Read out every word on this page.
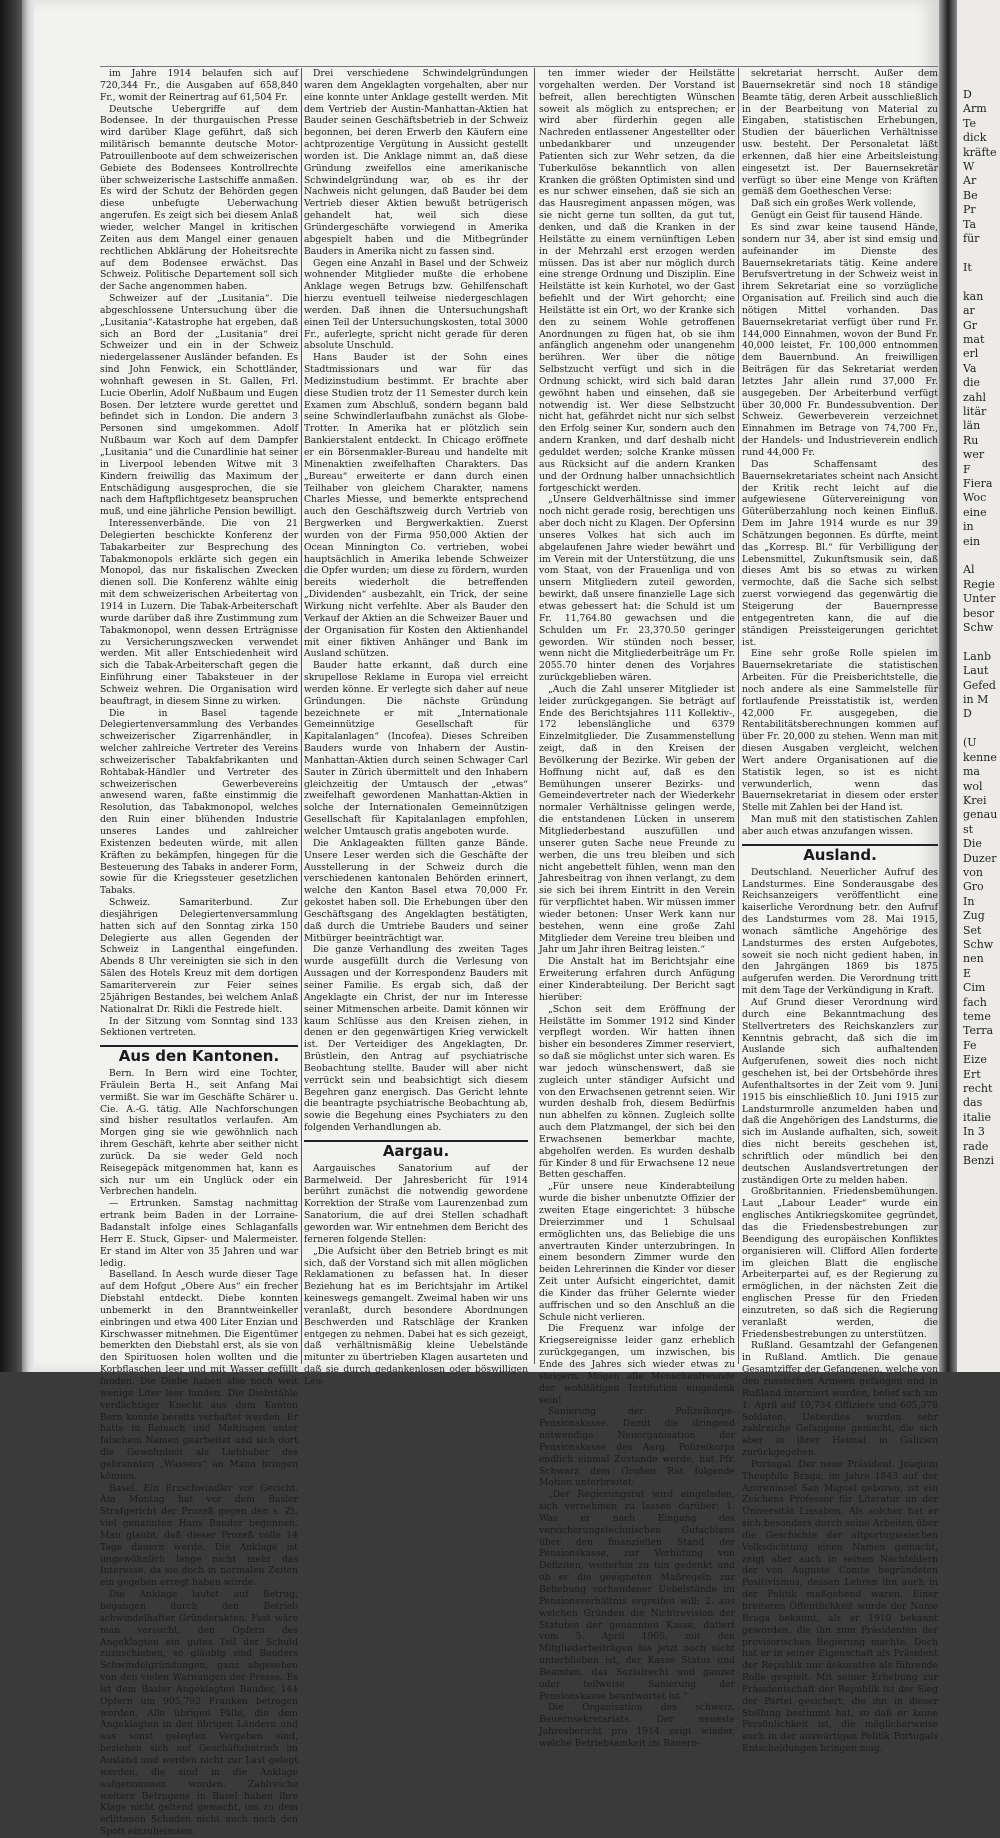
im Jahre 1914 belaufen sich auf 720,344 Fr., die Ausgaben auf 658,840 Fr., womit der Reinertrag auf 61,504 Fr.

Deutsche Uebergriffe auf dem Bodensee. In der thurgauischen Presse wird darüber Klage geführt, daß sich militärisch bemannte deutsche Motor-Patrouillenboote auf dem schweizerischen Gebiete des Bodensees Kontrollrechte über schweizerische Lastschiffe anmaßen. Es wird der Schutz der Behörden gegen diese unbefugte Ueberwachung angerufen. Es zeigt sich bei diesem Anlaß wieder, welcher Mangel in kritischen Zeiten aus dem Mangel einer genauen rechtlichen Abklärung der Hoheitsrechte auf dem Bodensee erwächst. Das Schweiz. Politische Departement soll sich der Sache angenommen haben.

Schweizer auf der „Lusitania“. Die abgeschlossene Untersuchung über die „Lusitania“-Katastrophe hat ergeben, daß sich an Bord der „Lusitania“ drei Schweizer und ein in der Schweiz niedergelassener Ausländer befanden. Es sind John Fenwick, ein Schottländer, wohnhaft gewesen in St. Gallen, Frl. Lucie Oberlin, Adolf Nußbaum und Eugen Bosen. Der letztere wurde gerettet und befindet sich in London. Die andern 3 Personen sind umgekommen. Adolf Nußbaum war Koch auf dem Dampfer „Lusitania“ und die Cunardlinie hat seiner in Liverpool lebenden Witwe mit 3 Kindern freiwillig das Maximum der Entschädigung ausgesprochen, die sie nach dem Haftpflichtgesetz beanspruchen muß, und eine jährliche Pension bewilligt.

Interessenverbände. Die von 21 Delegierten beschickte Konferenz der Tabakarbeiter zur Besprechung des Tabakmonopols erklärte sich gegen ein Monopol, das nur fiskalischen Zwecken dienen soll. Die Konferenz wählte einig mit dem schweizerischen Arbeitertag von 1914 in Luzern. Die Tabak-Arbeiterschaft wurde darüber daß ihre Zustimmung zum Tabakmonopol, wenn dessen Erträgnisse zu Versicherungszwecken verwendet werden. Mit aller Entschiedenheit wird sich die Tabak-Arbeiterschaft gegen die Einführung einer Tabaksteuer in der Schweiz wehren. Die Organisation wird beauftragt, in diesem Sinne zu wirken.

Die in Basel tagende Delegiertenversammlung des Verbandes schweizerischer Zigarrenhändler, in welcher zahlreiche Vertreter des Vereins schweizerischer Tabakfabrikanten und Rohtabak-Händler und Vertreter des schweizerischen Gewerbevereins anwesend waren, faßte einstimmig die Resolution, das Tabakmonopol, welches den Ruin einer blühenden Industrie unseres Landes und zahlreicher Existenzen bedeuten würde, mit allen Kräften zu bekämpfen, hingegen für die Besteuerung des Tabaks in anderer Form, sowie für die Kriegssteuer gesetzlichen Tabaks.

Schweiz. Samariterbund. Zur diesjährigen Delegiertenversammlung hatten sich auf den Sonntag zirka 150 Delegierte aus allen Gegenden der Schweiz in Langenthal eingefunden. Abends 8 Uhr vereinigten sie sich in den Sälen des Hotels Kreuz mit dem dortigen Samariterverein zur Feier seines 25jährigen Bestandes, bei welchem Anlaß Nationalrat Dr. Rikli die Festrede hielt.

In der Sitzung vom Sonntag sind 133 Sektionen vertreten.

Aus den Kantonen.

Bern. In Bern wird eine Tochter, Fräulein Berta H., seit Anfang Mai vermißt. Sie war im Geschäfte Schärer u. Cie. A.-G. tätig. Alle Nachforschungen sind bisher resultatlos verlaufen. Am Morgen ging sie wie gewöhnlich nach ihrem Geschäft, kehrte aber seither nicht zurück. Da sie weder Geld noch Reisegepäck mitgenommen hat, kann es sich nur um ein Unglück oder ein Verbrechen handeln.

— Ertrunken. Samstag nachmittag ertrank beim Baden in der Lorraine-Badanstalt infolge eines Schlaganfalls Herr E. Stuck, Gipser- und Malermeister. Er stand im Alter von 35 Jahren und war ledig.

Baselland. In Aesch wurde dieser Tage auf dem Hofgut „Obere Aus“ ein frecher Diebstahl entdeckt. Diebe konnten unbemerkt in den Branntweinkeller einbringen und etwa 400 Liter Enzian und Kirschwasser mitnehmen. Die Eigentümer bemerkten den Diebstahl erst, als sie von den Spirituosen holen wollten und die Korbflaschen leer und mit Wasser gefüllt fanden. Die Diebe haben also noch weit wenige Liter leer fanden. Die Diebstähle verdächtiger Knecht aus dem Kanton Bern konnte bereits verhaftet werden. Er hatte in Reinach und Meltingen unter falschem Namen gearbeitet und sich dort die Gewohnheit als Liebhaber des gebrannten „Wassers“ an Mann bringen können.

Basel. Ein Erzschwindler vor Gericht. Am Montag hat vor dem Basler Strafgericht der Prozeß gegen den s. Zt. viel genannten Hans Bauder begonnen. Man glaubt, daß dieser Prozeß volle 14 Tage dauern werde. Die Anklage ist ungewöhnlich lange nicht mehr das Interesse, da sie doch in normalen Zeiten ein gegeben erregt haben würde.

Die Anklage lautet auf Betrug, begangen durch den Betrieb schwindelhafter Gründerakten. Fast wäre man versucht, den Opfern des Angeklagten ein gutes Teil der Schuld zuzuschieben, so gläubig sind Bauders Schwindelgründungen, ganz abgesehen von den vielen Warnungen der Presse. Es ist dem Basler Angeklagten Bauder, 144 Opfern um 905,792 Franken betrogen worden. Alle übrigen Fälle, die dem Angeklagten in den übrigen Ländern und aus sonst gelegten Vergehen sind, beziehen sich auf Geschäftsbetrieb im Ausland und werden nicht zur Last gelegt werden, die sind in die Anklage aufgenommen worden. Zahlreiche weitere Betrogene in Basel haben ihre Klage nicht geltend gemacht, um zu dem erlittenen Schaden nicht auch noch den Spott einzuheimsen.

Drei verschiedene Schwindelgründungen waren dem Angeklagten vorgehalten, aber nur eine konnte unter Anklage gestellt werden. Mit dem Vertrieb der Austin-Manhattan-Aktien hat Bauder seinen Geschäftsbetrieb in der Schweiz begonnen, bei deren Erwerb den Käufern eine achtprozentige Vergütung in Aussicht gestellt worden ist. Die Anklage nimmt an, daß diese Gründung zweifellos eine amerikanische Schwindelgründung war, ob es ihr der Nachweis nicht gelungen, daß Bauder bei dem Vertrieb dieser Aktien bewußt betrügerisch gehandelt hat, weil sich diese Gründergeschäfte vorwiegend in Amerika abgespielt haben und die Mitbegründer Bauders in Amerika nicht zu fassen sind.

Gegen eine Anzahl in Basel und der Schweiz wohnender Mitglieder mußte die erhobene Anklage wegen Betrugs bzw. Gehilfenschaft hierzu eventuell teilweise niedergeschlagen werden. Daß ihnen die Untersuchungshaft einen Teil der Untersuchungskosten, total 3000 Fr., auferlegte, spricht nicht gerade für deren absolute Unschuld.

Hans Bauder ist der Sohn eines Stadtmissionars und war für das Medizinstudium bestimmt. Er brachte aber diese Studien trotz der 11 Semester durch kein Examen zum Abschluß, sondern begann bald seine Schwindlerlaufbahn zunächst als Globe-Trotter. In Amerika hat er plötzlich sein Bankierstalent entdeckt. In Chicago eröffnete er ein Börsenmakler-Bureau und handelte mit Minenaktien zweifelhaften Charakters. Das „Bureau“ erweiterte er dann durch einen Teilhaber von gleichem Charakter, namens Charles Miesse, und bemerkte entsprechend auch den Geschäftszweig durch Vertrieb von Bergwerken und Bergwerkaktien. Zuerst wurden von der Firma 950,000 Aktien der Ocean Minnington Co. vertrieben, wobei hauptsächlich in Amerika lebende Schweizer die Opfer wurden; um diese zu fördern, wurden bereits wiederholt die betreffenden „Dividenden“ ausbezahlt, ein Trick, der seine Wirkung nicht verfehlte. Aber als Bauder den Verkauf der Aktien an die Schweizer Bauer und der Organisation für Kosten den Aktienhandel mit einer fiktiven Anhänger und Bank im Ausland schützen.

Bauder hatte erkannt, daß durch eine skrupellose Reklame in Europa viel erreicht werden könne. Er verlegte sich daher auf neue Gründungen. Die nächste Gründung bezeichnete er mit „Internationale Gemeinnützige Gesellschaft für Kapitalanlagen“ (Incofea). Dieses Schreiben Bauders wurde von Inhabern der Austin-Manhattan-Aktien durch seinen Schwager Carl Sauter in Zürich übermittelt und den Inhabern gleichzeitig der Umtausch der „etwas“ zweifelhaft gewordenen Manhattan-Aktien in solche der Internationalen Gemeinnützigen Gesellschaft für Kapitalanlagen empfohlen, welcher Umtausch gratis angeboten wurde.

Die Anklageakten füllten ganze Bände. Unsere Leser werden sich die Geschäfte der Ausstellerung in der Schweiz durch die verschiedenen kantonalen Behörden erinnert, welche den Kanton Basel etwa 70,000 Fr. gekostet haben soll. Die Erhebungen über den Geschäftsgang des Angeklagten bestätigten, daß durch die Umtriebe Bauders und seiner Mitbürger beeinträchtigt war.

Die ganze Verhandlung des zweiten Tages wurde ausgefüllt durch die Verlesung von Aussagen und der Korrespondenz Bauders mit seiner Familie. Es ergab sich, daß der Angeklagte ein Christ, der nur im Interesse seiner Mitmenschen arbeite. Damit können wir kaum Schlüsse aus den Kreisen ziehen, in denen er den gegenwärtigen Krieg verwickelt ist. Der Verteidiger des Angeklagten, Dr. Brüstlein, den Antrag auf psychiatrische Beobachtung stellte. Bauder will aber nicht verrückt sein und beabsichtigt sich diesem Begehren ganz energisch. Das Gericht lehnte die beantragte psychiatrische Beobachtung ab, sowie die Begehung eines Psychiaters zu den folgenden Verhandlungen ab.

Aargau.

Aargauisches Sanatorium auf der Barmelweid. Der Jahresbericht für 1914 berührt zunächst die notwendig gewordene Korrektion der Straße vom Laurenzenbad zum Sanatorium, die auf drei Stellen schadhaft geworden war. Wir entnehmen dem Bericht des ferneren folgende Stellen:

„Die Aufsicht über den Betrieb bringt es mit sich, daß der Vorstand sich mit allen möglichen Reklamationen zu befassen hat. In dieser Beziehung hat es im Berichtsjahr im Artikel keineswegs gemangelt. Zweimal haben wir uns veranlaßt, durch besondere Abordnungen Beschwerden und Ratschläge der Kranken entgegen zu nehmen. Dabei hat es sich gezeigt, daß verhältnismäßig kleine Uebelstände mitunter zu übertrieben Klagen ausarteten und daß sie durch gedankenlosen oder böswilligen Leu-

ten immer wieder der Heilstätte vorgehalten werden. Der Vorstand ist befreit, allen berechtigten Wünschen soweit als möglich zu entsprechen; er wird aber fürderhin gegen alle Nachreden entlassener Angestellter oder unbedankbarer und unzeugender Patienten sich zur Wehr setzen, da die Tuberkulöse bekanntlich von allen Kranken die größten Optimisten sind und es nur schwer einsehen, daß sie sich an das Hausregiment anpassen mögen, was sie nicht gerne tun sollten, da gut tut, denken, und daß die Kranken in der Heilstätte zu einem vernünftigen Leben in der Mehrzahl erst erzogen werden müssen. Das ist aber nur möglich durch eine strenge Ordnung und Disziplin. Eine Heilstätte ist kein Kurhotel, wo der Gast befiehlt und der Wirt gehorcht; eine Heilstätte ist ein Ort, wo der Kranke sich den zu seinem Wohle getroffenen Anordnungen zu fügen hat, ob sie ihm anfänglich angenehm oder unangenehm berühren. Wer über die nötige Selbstzucht verfügt und sich in die Ordnung schickt, wird sich bald daran gewöhnt haben und einsehen, daß sie notwendig ist. Wer diese Selbstzucht nicht hat, gefährdet nicht nur sich selbst den Erfolg seiner Kur, sondern auch den andern Kranken, und darf deshalb nicht geduldet werden; solche Kranke müssen aus Rücksicht auf die andern Kranken und der Ordnung halber unnachsichtlich fortgeschickt werden.

„Unsere Geldverhältnisse sind immer noch nicht gerade rosig, berechtigen uns aber doch nicht zu Klagen. Der Opfersinn unseres Volkes hat sich auch im abgelaufenen Jahre wieder bewährt und im Verein mit der Unterstützung, die uns vom Staat, von der Frauenliga und von unsern Mitgliedern zuteil geworden, bewirkt, daß unsere finanzielle Lage sich etwas gebessert hat: die Schuld ist um Fr. 11,764.80 gewachsen und die Schulden um Fr. 23,370.50 geringer geworden. Wir stünden noch besser, wenn nicht die Mitgliederbeiträge um Fr. 2055.70 hinter denen des Vorjahres zurückgeblieben wären.

„Auch die Zahl unserer Mitglieder ist leider zurückgegangen. Sie beträgt auf Ende des Berichtsjahres 111 Kollektiv-, 172 lebenslängliche und 6379 Einzelmitglieder. Die Zusammenstellung zeigt, daß in den Kreisen der Bevölkerung der Bezirke. Wir geben der Hoffnung nicht auf, daß es den Bemühungen unserer Bezirks- und Gemeindevertreter nach der Wiederkehr normaler Verhältnisse gelingen werde, die entstandenen Lücken in unserem Mitgliederbestand auszufüllen und unserer guten Sache neue Freunde zu werben, die uns treu bleiben und sich nicht angebettelt fühlen, wenn man den Jahresbeitrag von ihnen verlangt, zu dem sie sich bei ihrem Eintritt in den Verein für verpflichtet haben. Wir müssen immer wieder betonen: Unser Werk kann nur bestehen, wenn eine große Zahl Mitglieder dem Vereine treu bleiben und Jahr um Jahr ihren Beitrag leisten.“

Die Anstalt hat im Berichtsjahr eine Erweiterung erfahren durch Anfügung einer Kinderabteilung. Der Bericht sagt hierüber:

„Schon seit dem Eröffnung der Heilstätte im Sommer 1912 sind Kinder verpflegt worden. Wir hatten ihnen bisher ein besonderes Zimmer reserviert, so daß sie möglichst unter sich waren. Es war jedoch wünschenswert, daß sie zugleich unter ständiger Aufsicht und von den Erwachsenen getrennt seien. Wir wurden deshalb froh, diesem Bedürfnis nun abhelfen zu können. Zugleich sollte auch dem Platzmangel, der sich bei den Erwachsenen bemerkbar machte, abgeholfen werden. Es wurden deshalb für Kinder 8 und für Erwachsene 12 neue Betten geschaffen.

„Für unsere neue Kinderabteilung wurde die bisher unbenutzte Offizier der zweiten Etage eingerichtet: 3 hübsche Dreierzimmer und 1 Schulsaal ermöglichten uns, das Beliebige die uns anvertrauten Kinder unterzubringen. In einem besondern Zimmer wurde den beiden Lehrerinnen die Kinder vor dieser Zeit unter Aufsicht eingerichtet, damit die Kinder das früher Gelernte wieder auffrischen und so den Anschluß an die Schule nicht verlieren.

Die Frequenz war infolge der Kriegsereignisse leider ganz erheblich zurückgegangen, um inzwischen, bis Ende des Jahres sich wieder etwas zu steigern. Mögen alle Menschenfreunde der wohltätigen Institution eingedenk sein!

Sanierung der Polizeikorps-Pensionskasse. Damit die dringend notwendige Neuorganisation der Pensionskasse des Aarg. Polizeikorps endlich einmal Zustande werde, hat Pfr. Schwarz dem Großen Rat folgende Motion unterbreitet:

„Der Regierungsrat wird eingeladen, sich vernehmen zu lassen darüber: 1. Was er nach Eingang des versicherungstechnischen Gutachtens über den finanziellen Stand der Pensionskasse, zur Verhütung von Defiziten, weiterhin zu tun gedenkt und ob er die geeigneten Maßregeln zur Behebung vorhandener Uebelstände im Pensionsverhältnis ergreifen will; 2. aus welchen Gründen die Nichtrevision der Statuten der genannten Kasse, datiert vom 5. April 1905, mit den Mitgliederbeiträgen bis jetzt noch nicht unterblieben ist, der Kasse Status und Beamten, das Sozialrecht und ganzer oder teilweise Sanierung der Pensionskasse beantwortet ist.“

Die Organisation des schweiz. Bauernsekretariats. Der neueste Jahresbericht pro 1914 zeigt wieder, welche Betriebsamkeit im Bauern-

sekretariat herrscht. Außer dem Bauernsekretär sind noch 18 ständige Beamte tätig, deren Arbeit ausschließlich in der Bearbeitung von Material zu Eingaben, statistischen Erhebungen, Studien der bäuerlichen Verhältnisse usw. besteht. Der Personaletat läßt erkennen, daß hier eine Arbeitsleistung eingesetzt ist. Der Bauernsekretär verfügt so über eine Menge von Kräften gemäß dem Goetheschen Verse:

Daß sich ein großes Werk vollende,

Genügt ein Geist für tausend Hände.

Es sind zwar keine tausend Hände, sondern nur 34, aber ist sind emsig und aufeinander im Dienste des Bauernsekretariats tätig. Keine andere Berufsvertretung in der Schweiz weist in ihrem Sekretariat eine so vorzügliche Organisation auf. Freilich sind auch die nötigen Mittel vorhanden. Das Bauernsekretariat verfügt über rund Fr. 144,000 Einnahmen, wovon der Bund Fr. 40,000 leistet, Fr. 100,000 entnommen dem Bauernbund. An freiwilligen Beiträgen für das Sekretariat werden letztes Jahr allein rund 37,000 Fr. ausgegeben. Der Arbeiterbund verfügt über 30,000 Fr. Bundessubvention. Der Schweiz. Gewerbeverein verzeichnet Einnahmen im Betrage von 74,700 Fr., der Handels- und Industrieverein endlich rund 44,000 Fr.

Das Schaffensamt des Bauernsekretariates scheint nach Ansicht der Kritik recht leicht auf die aufgewiesene Gütervereinigung von Güterüberzahlung noch keinen Einfluß. Dem im Jahre 1914 wurde es nur 39 Schätzungen begonnen. Es dürfte, meint das „Korresp. Bl.“ für Verbilligung der Lebensmittel, Zukunftsmusik sein, daß dieses Amt bis so etwas zu wirken vermochte, daß die Sache sich selbst zuerst vorwiegend das gegenwärtig die Steigerung der Bauernpresse entgegentreten kann, die auf die ständigen Preissteigerungen gerichtet ist.

Eine sehr große Rolle spielen im Bauernsekretariate die statistischen Arbeiten. Für die Preisberichtstelle, die noch andere als eine Sammelstelle für fortlaufende Preisstatistik ist, werden 42,000 Fr. ausgegeben, die Rentabilitätsberechnungen kommen auf über Fr. 20,000 zu stehen. Wenn man mit diesen Ausgaben vergleicht, welchen Wert andere Organisationen auf die Statistik legen, so ist es nicht verwunderlich, wenn das Bauernsekretariat in diesem oder erster Stelle mit Zahlen bei der Hand ist.

Man muß mit den statistischen Zahlen aber auch etwas anzufangen wissen.

Ausland.

Deutschland. Neuerlicher Aufruf des Landsturmes. Eine Sonderausgabe des Reichsanzeigers veröffentlicht eine kaiserliche Verordnung betr. den Aufruf des Landsturmes vom 28. Mai 1915, wonach sämtliche Angehörige des Landsturmes des ersten Aufgebotes, soweit sie noch nicht gedient haben, in den Jahrgängen 1869 bis 1875 aufgerufen werden. Die Verordnung tritt mit dem Tage der Verkündigung in Kraft.

Auf Grund dieser Verordnung wird durch eine Bekanntmachung des Stellvertreters des Reichskanzlers zur Kenntnis gebracht, daß sich die im Auslande sich aufhaltenden Aufgerufenen, soweit dies noch nicht geschehen ist, bei der Ortsbehörde ihres Aufenthaltsortes in der Zeit vom 9. Juni 1915 bis einschließlich 10. Juni 1915 zur Landsturmrolle anzumelden haben und daß die Angehörigen des Landsturms, die sich im Auslande aufhalten, sich, soweit dies nicht bereits geschehen ist, schriftlich oder mündlich bei den deutschen Auslandsvertretungen der zuständigen Orte zu melden haben.

Großbritannien. Friedensbemühungen. Laut „Labour Leader“ wurde ein englisches Antikriegskomitee gegründet, das die Friedensbestrebungen zur Beendigung des europäischen Konfliktes organisieren will. Clifford Allen forderte im gleichen Blatt die englische Arbeiterpartei auf, es der Regierung zu ermöglichen, in der nächsten Zeit die englischen Presse für den Frieden einzutreten, so daß sich die Regierung veranlaßt werden, die Friedensbestrebungen zu unterstützen.

Rußland. Gesamtzahl der Gefangenen in Rußland. Amtlich. Die genaue Gesamtziffer der Gefangenen, welche von den russischen Armeen gefangen und in Rußland interniert wurden, belief sich am 1. April auf 10,734 Offiziere und 605,378 Soldaten. Ueberdies wurden sehr zahlreiche Gefangene gemacht, die sich aber in ihrer Heimat in Galizien zurückgegeben.

Portugal. Der neue Präsident. Joaquim Theophilo Braga, im Jahre 1843 auf der Azoreninsel San Miguel geboren, ist ein Zeichens Professor für Literatur an der Universität Lissabon. Als solcher hat er sich besonders durch seine Arbeiten über die Geschichte der altportugiesischen Volksdichtung einen Namen gemacht, zeigt aber auch in seinen Nachbildern der von Auguste Comte begründeten Positivismus, dessen Lehren ihn auch in der Politik maßgebend waren. Einer breiteren Öffentlichkeit wurde der Name Braga bekannt, als er 1910 bekannt geworden, die ihn zum Präsidenten der provisorischen Regierung machte. Doch hat er in seiner Eigenschaft als Präsident der Republik nur dekorative als führende Rolle gespielt. Mit seiner Erhebung zur Präsidentschaft der Republik ist der Sieg der Partei gesichert, die ihn in dieser Stellung bestimmt hat, so daß er keine Persönlichkeit ist, die möglicherweise auch in der auswärtigen Politik Portugals Entscheidungen bringen mag.

D
Arm
Te
dick
kräfte
W
Ar
Be
Pr
Ta
für

It

kan
ar
Gr
mat
erl
Va
die
zahl
litär
län
Ru
wer
F
Fiera
Woc
eine
in
ein

Al
Regie
Unter
besor
Schw

Lanb
Laut
Gefed
in M
D

(U
kenne
ma
wol
Krei
genau
st
Die
Duzer
von
Gro
In
Zug
Set
Schw
nen
E
Cim
fach
teme
Terra
Fe
Eize
Ert
recht
das
italie
In 3
rade
Benzi
